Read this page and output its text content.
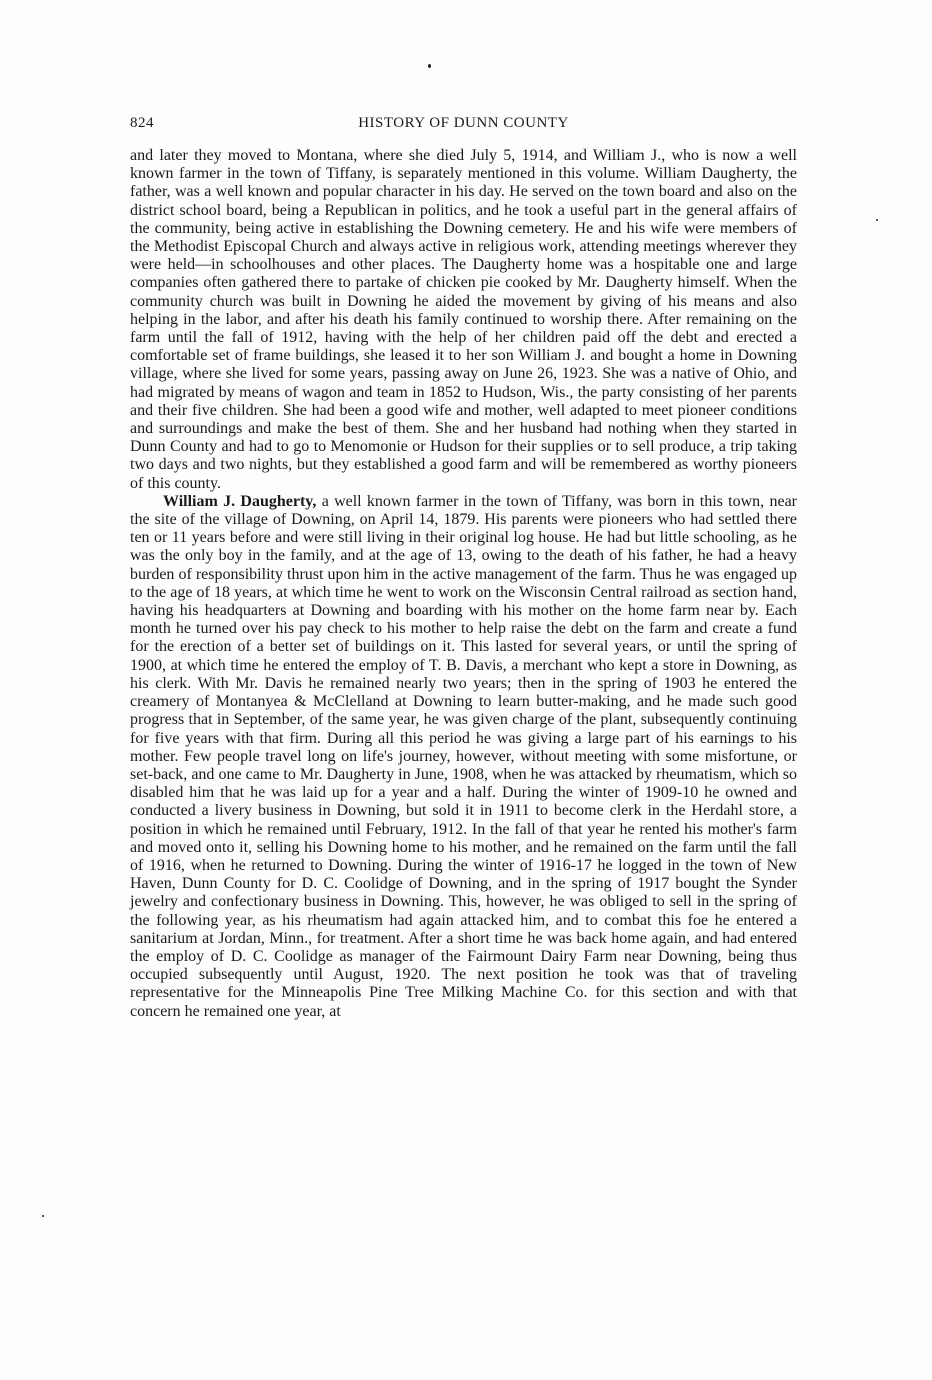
824	HISTORY OF DUNN COUNTY

and later they moved to Montana, where she died July 5, 1914, and William J., who is now a well known farmer in the town of Tiffany, is separately mentioned in this volume. William Daugherty, the father, was a well known and popular character in his day. He served on the town board and also on the district school board, being a Republican in politics, and he took a useful part in the general affairs of the community, being active in establishing the Downing cemetery. He and his wife were members of the Methodist Episcopal Church and always active in religious work, attending meetings wherever they were held—in schoolhouses and other places. The Daugherty home was a hospitable one and large companies often gathered there to partake of chicken pie cooked by Mr. Daugherty himself. When the community church was built in Downing he aided the movement by giving of his means and also helping in the labor, and after his death his family continued to worship there. After remaining on the farm until the fall of 1912, having with the help of her children paid off the debt and erected a comfortable set of frame buildings, she leased it to her son William J. and bought a home in Downing village, where she lived for some years, passing away on June 26, 1923. She was a native of Ohio, and had migrated by means of wagon and team in 1852 to Hudson, Wis., the party consisting of her parents and their five children. She had been a good wife and mother, well adapted to meet pioneer conditions and surroundings and make the best of them. She and her husband had nothing when they started in Dunn County and had to go to Menomonie or Hudson for their supplies or to sell produce, a trip taking two days and two nights, but they established a good farm and will be remembered as worthy pioneers of this county.

William J. Daugherty, a well known farmer in the town of Tiffany, was born in this town, near the site of the village of Downing, on April 14, 1879. His parents were pioneers who had settled there ten or 11 years before and were still living in their original log house. He had but little schooling, as he was the only boy in the family, and at the age of 13, owing to the death of his father, he had a heavy burden of responsibility thrust upon him in the active management of the farm. Thus he was engaged up to the age of 18 years, at which time he went to work on the Wisconsin Central railroad as section hand, having his headquarters at Downing and boarding with his mother on the home farm near by. Each month he turned over his pay check to his mother to help raise the debt on the farm and create a fund for the erection of a better set of buildings on it. This lasted for several years, or until the spring of 1900, at which time he entered the employ of T. B. Davis, a merchant who kept a store in Downing, as his clerk. With Mr. Davis he remained nearly two years; then in the spring of 1903 he entered the creamery of Montanyea & McClelland at Downing to learn butter-making, and he made such good progress that in September, of the same year, he was given charge of the plant, subsequently continuing for five years with that firm. During all this period he was giving a large part of his earnings to his mother. Few people travel long on life's journey, however, without meeting with some misfortune, or set-back, and one came to Mr. Daugherty in June, 1908, when he was attacked by rheumatism, which so disabled him that he was laid up for a year and a half. During the winter of 1909-10 he owned and conducted a livery business in Downing, but sold it in 1911 to become clerk in the Herdahl store, a position in which he remained until February, 1912. In the fall of that year he rented his mother's farm and moved onto it, selling his Downing home to his mother, and he remained on the farm until the fall of 1916, when he returned to Downing. During the winter of 1916-17 he logged in the town of New Haven, Dunn County for D. C. Coolidge of Downing, and in the spring of 1917 bought the Synder jewelry and confectionary business in Downing. This, however, he was obliged to sell in the spring of the following year, as his rheumatism had again attacked him, and to combat this foe he entered a sanitarium at Jordan, Minn., for treatment. After a short time he was back home again, and had entered the employ of D. C. Coolidge as manager of the Fairmount Dairy Farm near Downing, being thus occupied subsequently until August, 1920. The next position he took was that of traveling representative for the Minneapolis Pine Tree Milking Machine Co. for this section and with that concern he remained one year, at
